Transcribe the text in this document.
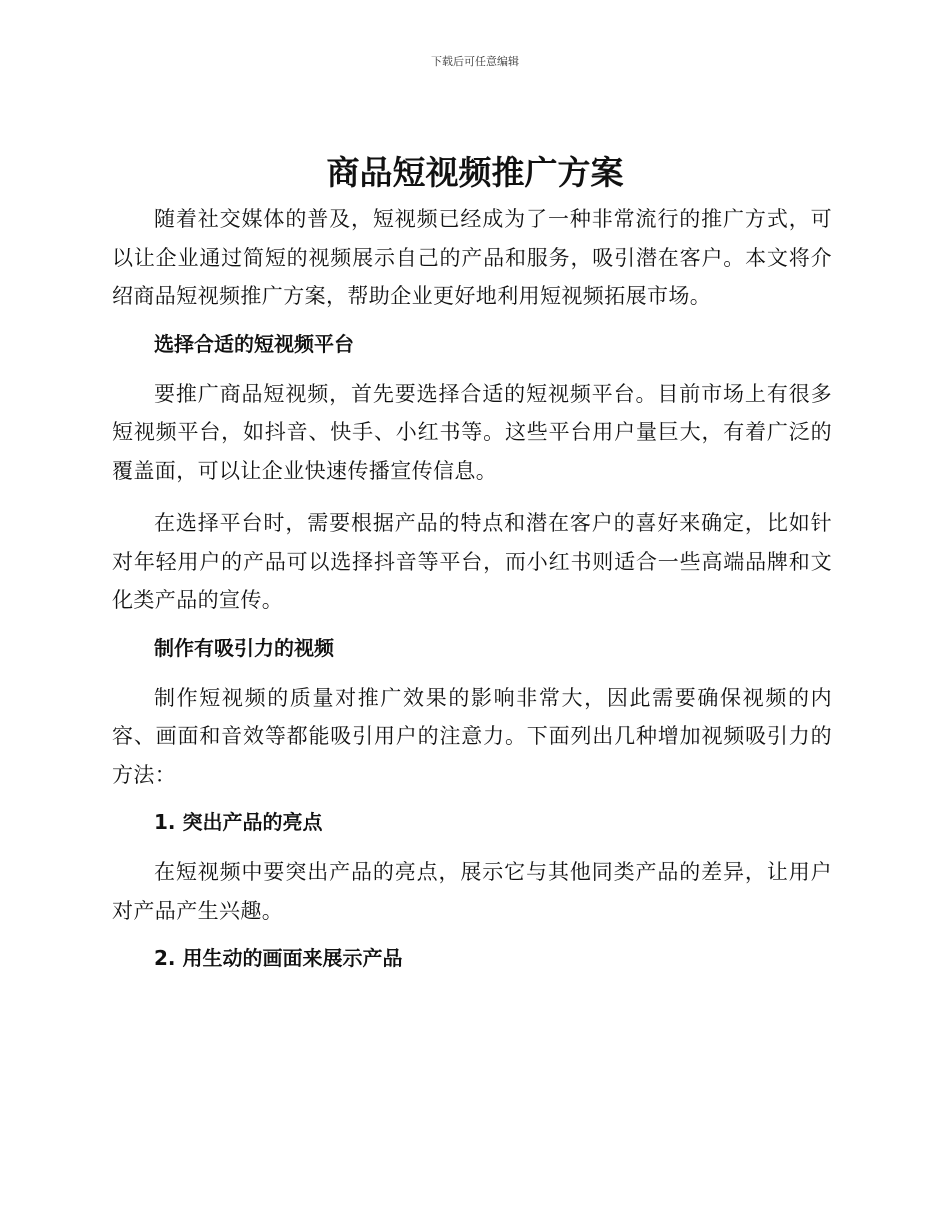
下载后可任意编辑
商品短视频推广方案

随着社交媒体的普及，短视频已经成为了一种非常流行的推广方式，可以让企业通过简短的视频展示自己的产品和服务，吸引潜在客户。本文将介绍商品短视频推广方案，帮助企业更好地利用短视频拓展市场。

选择合适的短视频平台

要推广商品短视频，首先要选择合适的短视频平台。目前市场上有很多短视频平台，如抖音、快手、小红书等。这些平台用户量巨大，有着广泛的覆盖面，可以让企业快速传播宣传信息。

在选择平台时，需要根据产品的特点和潜在客户的喜好来确定，比如针对年轻用户的产品可以选择抖音等平台，而小红书则适合一些高端品牌和文化类产品的宣传。

制作有吸引力的视频

制作短视频的质量对推广效果的影响非常大，因此需要确保视频的内容、画面和音效等都能吸引用户的注意力。下面列出几种增加视频吸引力的方法：

1. 突出产品的亮点

在短视频中要突出产品的亮点，展示它与其他同类产品的差异，让用户对产品产生兴趣。

2. 用生动的画面来展示产品
